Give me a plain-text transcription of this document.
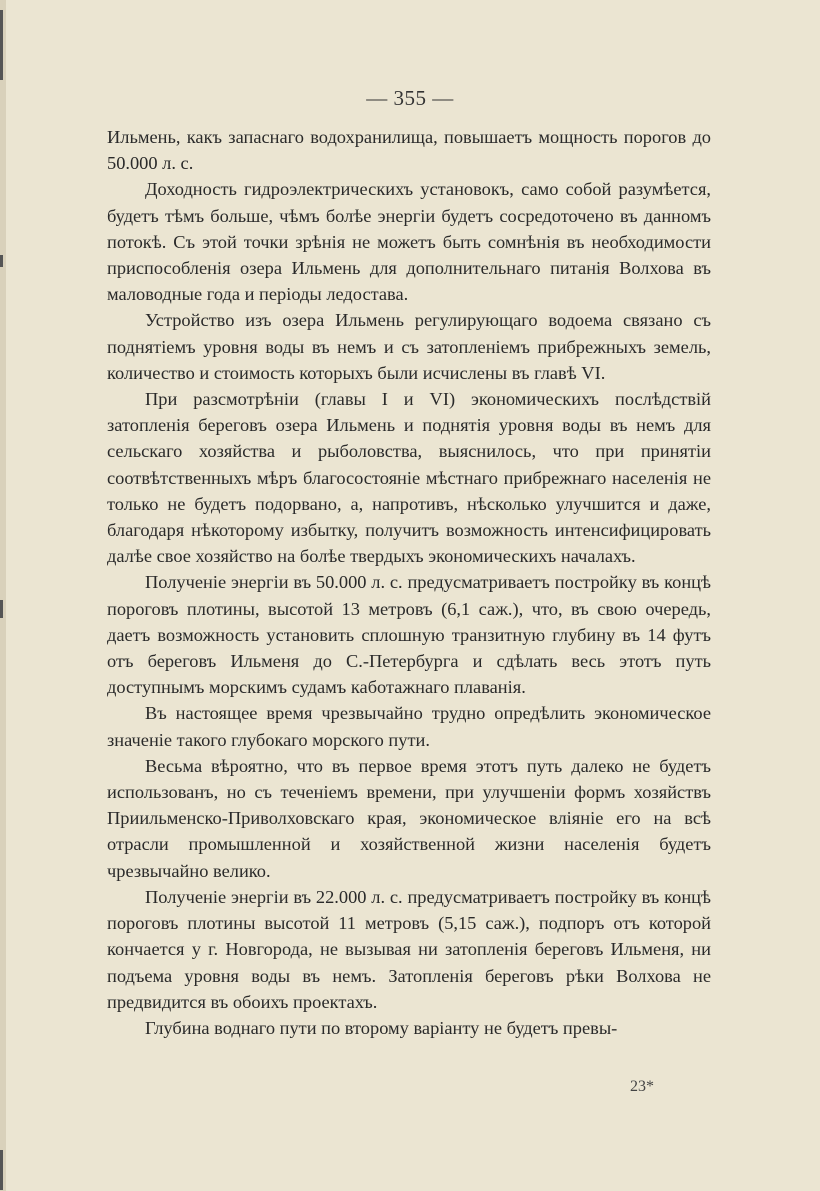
— 355 —

Ильмень, какъ запаснаго водохранилища, повышаетъ мощность порогов до 50.000 л. с.

Доходность гидроэлектрическихъ установокъ, само собой разумѣется, будетъ тѣмъ больше, чѣмъ болѣе энергіи будетъ сосредоточено въ данномъ потокѣ. Съ этой точки зрѣнія не можетъ быть сомнѣнія въ необходимости приспособленія озера Ильмень для дополнительнаго питанія Волхова въ маловодные года и періоды ледостава.

Устройство изъ озера Ильмень регулирующаго водоема связано съ поднятіемъ уровня воды въ немъ и съ затопленіемъ прибрежныхъ земель, количество и стоимость которыхъ были исчислены въ главѣ VI.

При разсмотрѣніи (главы I и VI) экономическихъ послѣдствій затопленія береговъ озера Ильмень и поднятія уровня воды въ немъ для сельскаго хозяйства и рыболовства, выяснилось, что при принятіи соотвѣтственныхъ мѣръ благосостояніе мѣстнаго прибрежнаго населенія не только не будетъ подорвано, а, напротивъ, нѣсколько улучшится и даже, благодаря нѣкоторому избытку, получитъ возможность интенсифицировать далѣе свое хозяйство на болѣе твердыхъ экономическихъ началахъ.

Полученіе энергіи въ 50.000 л. с. предусматриваетъ постройку въ концѣ пороговъ плотины, высотой 13 метровъ (6,1 саж.), что, въ свою очередь, даетъ возможность установить сплошную транзитную глубину въ 14 футъ отъ береговъ Ильменя до С.-Петербурга и сдѣлать весь этотъ путь доступнымъ морскимъ судамъ каботажнаго плаванія.

Въ настоящее время чрезвычайно трудно опредѣлить экономическое значеніе такого глубокаго морского пути.

Весьма вѣроятно, что въ первое время этотъ путь далеко не будетъ использованъ, но съ теченіемъ времени, при улучшеніи формъ хозяйствъ Приильменско-Приволховскаго края, экономическое вліяніе его на всѣ отрасли промышленной и хозяйственной жизни населенія будетъ чрезвычайно велико.

Полученіе энергіи въ 22.000 л. с. предусматриваетъ постройку въ концѣ пороговъ плотины высотой 11 метровъ (5,15 саж.), подпоръ отъ которой кончается у г. Новгорода, не вызывая ни затопленія береговъ Ильменя, ни подъема уровня воды въ немъ. Затопленія береговъ рѣки Волхова не предвидится въ обоихъ проектахъ.

Глубина воднаго пути по второму варіанту не будетъ превы-

23*
